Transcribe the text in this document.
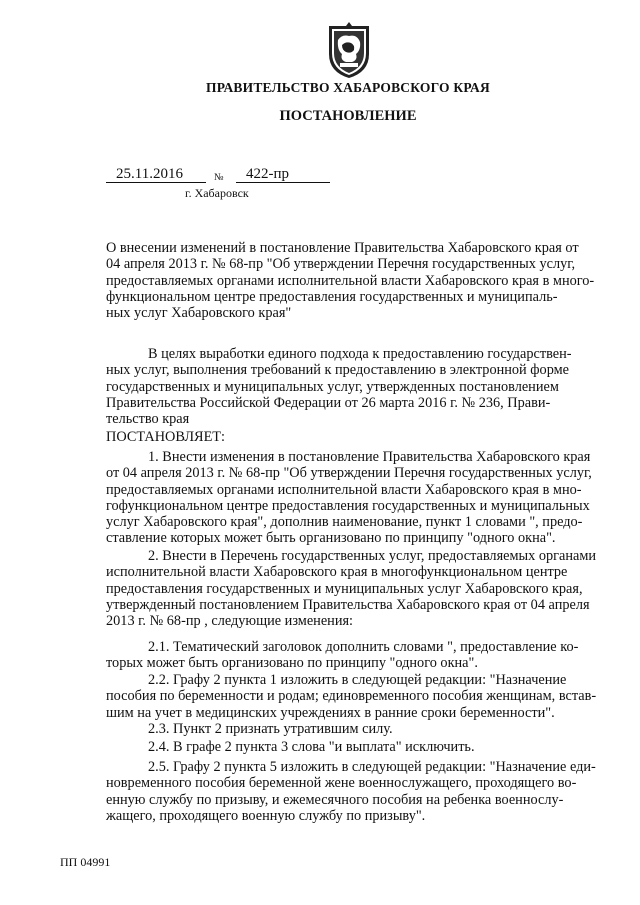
ПРАВИТЕЛЬСТВО ХАБАРОВСКОГО КРАЯ
ПОСТАНОВЛЕНИЕ
25.11.2016	№ 422-пр
г. Хабаровск
О внесении изменений в постановление Правительства Хабаровского края от
04 апреля 2013 г. № 68-пр "Об утверждении Перечня государственных услуг,
предоставляемых органами исполнительной власти Хабаровского края в много-
функциональном центре предоставления государственных и муниципаль-
ных услуг Хабаровского края"
В целях выработки единого подхода к предоставлению государствен-
ных услуг, выполнения требований к предоставлению в электронной форме
государственных и муниципальных услуг, утвержденных постановлением
Правительства Российской Федерации от 26 марта 2016 г. № 236, Прави-
тельство края
ПОСТАНОВЛЯЕТ:
1. Внести изменения в постановление Правительства Хабаровского края
от 04 апреля 2013 г. № 68-пр "Об утверждении Перечня государственных услуг,
предоставляемых органами исполнительной власти Хабаровского края в мно-
гофункциональном центре предоставления государственных и муниципальных
услуг Хабаровского края", дополнив наименование, пункт 1 словами ", предо-
ставление которых может быть организовано по принципу "одного окна".
2. Внести в Перечень государственных услуг, предоставляемых органами
исполнительной власти Хабаровского края в многофункциональном центре
предоставления государственных и муниципальных услуг Хабаровского края,
утвержденный постановлением Правительства Хабаровского края от 04 апреля
2013 г. № 68-пр , следующие изменения:
2.1. Тематический заголовок дополнить словами ", предоставление ко-
торых может быть организовано по принципу "одного окна".
2.2. Графу 2 пункта 1 изложить в следующей редакции: "Назначение
пособия по беременности и родам; единовременного пособия женщинам, встав-
шим на учет в медицинских учреждениях в ранние сроки беременности".
2.3. Пункт 2 признать утратившим силу.
2.4. В графе 2 пункта 3 слова "и выплата" исключить.
2.5. Графу 2 пункта 5 изложить в следующей редакции: "Назначение еди-
новременного пособия беременной жене военнослужащего, проходящего во-
енную службу по призыву, и ежемесячного пособия на ребенка военнослу-
жащего, проходящего военную службу по призыву".
ПП 04991
